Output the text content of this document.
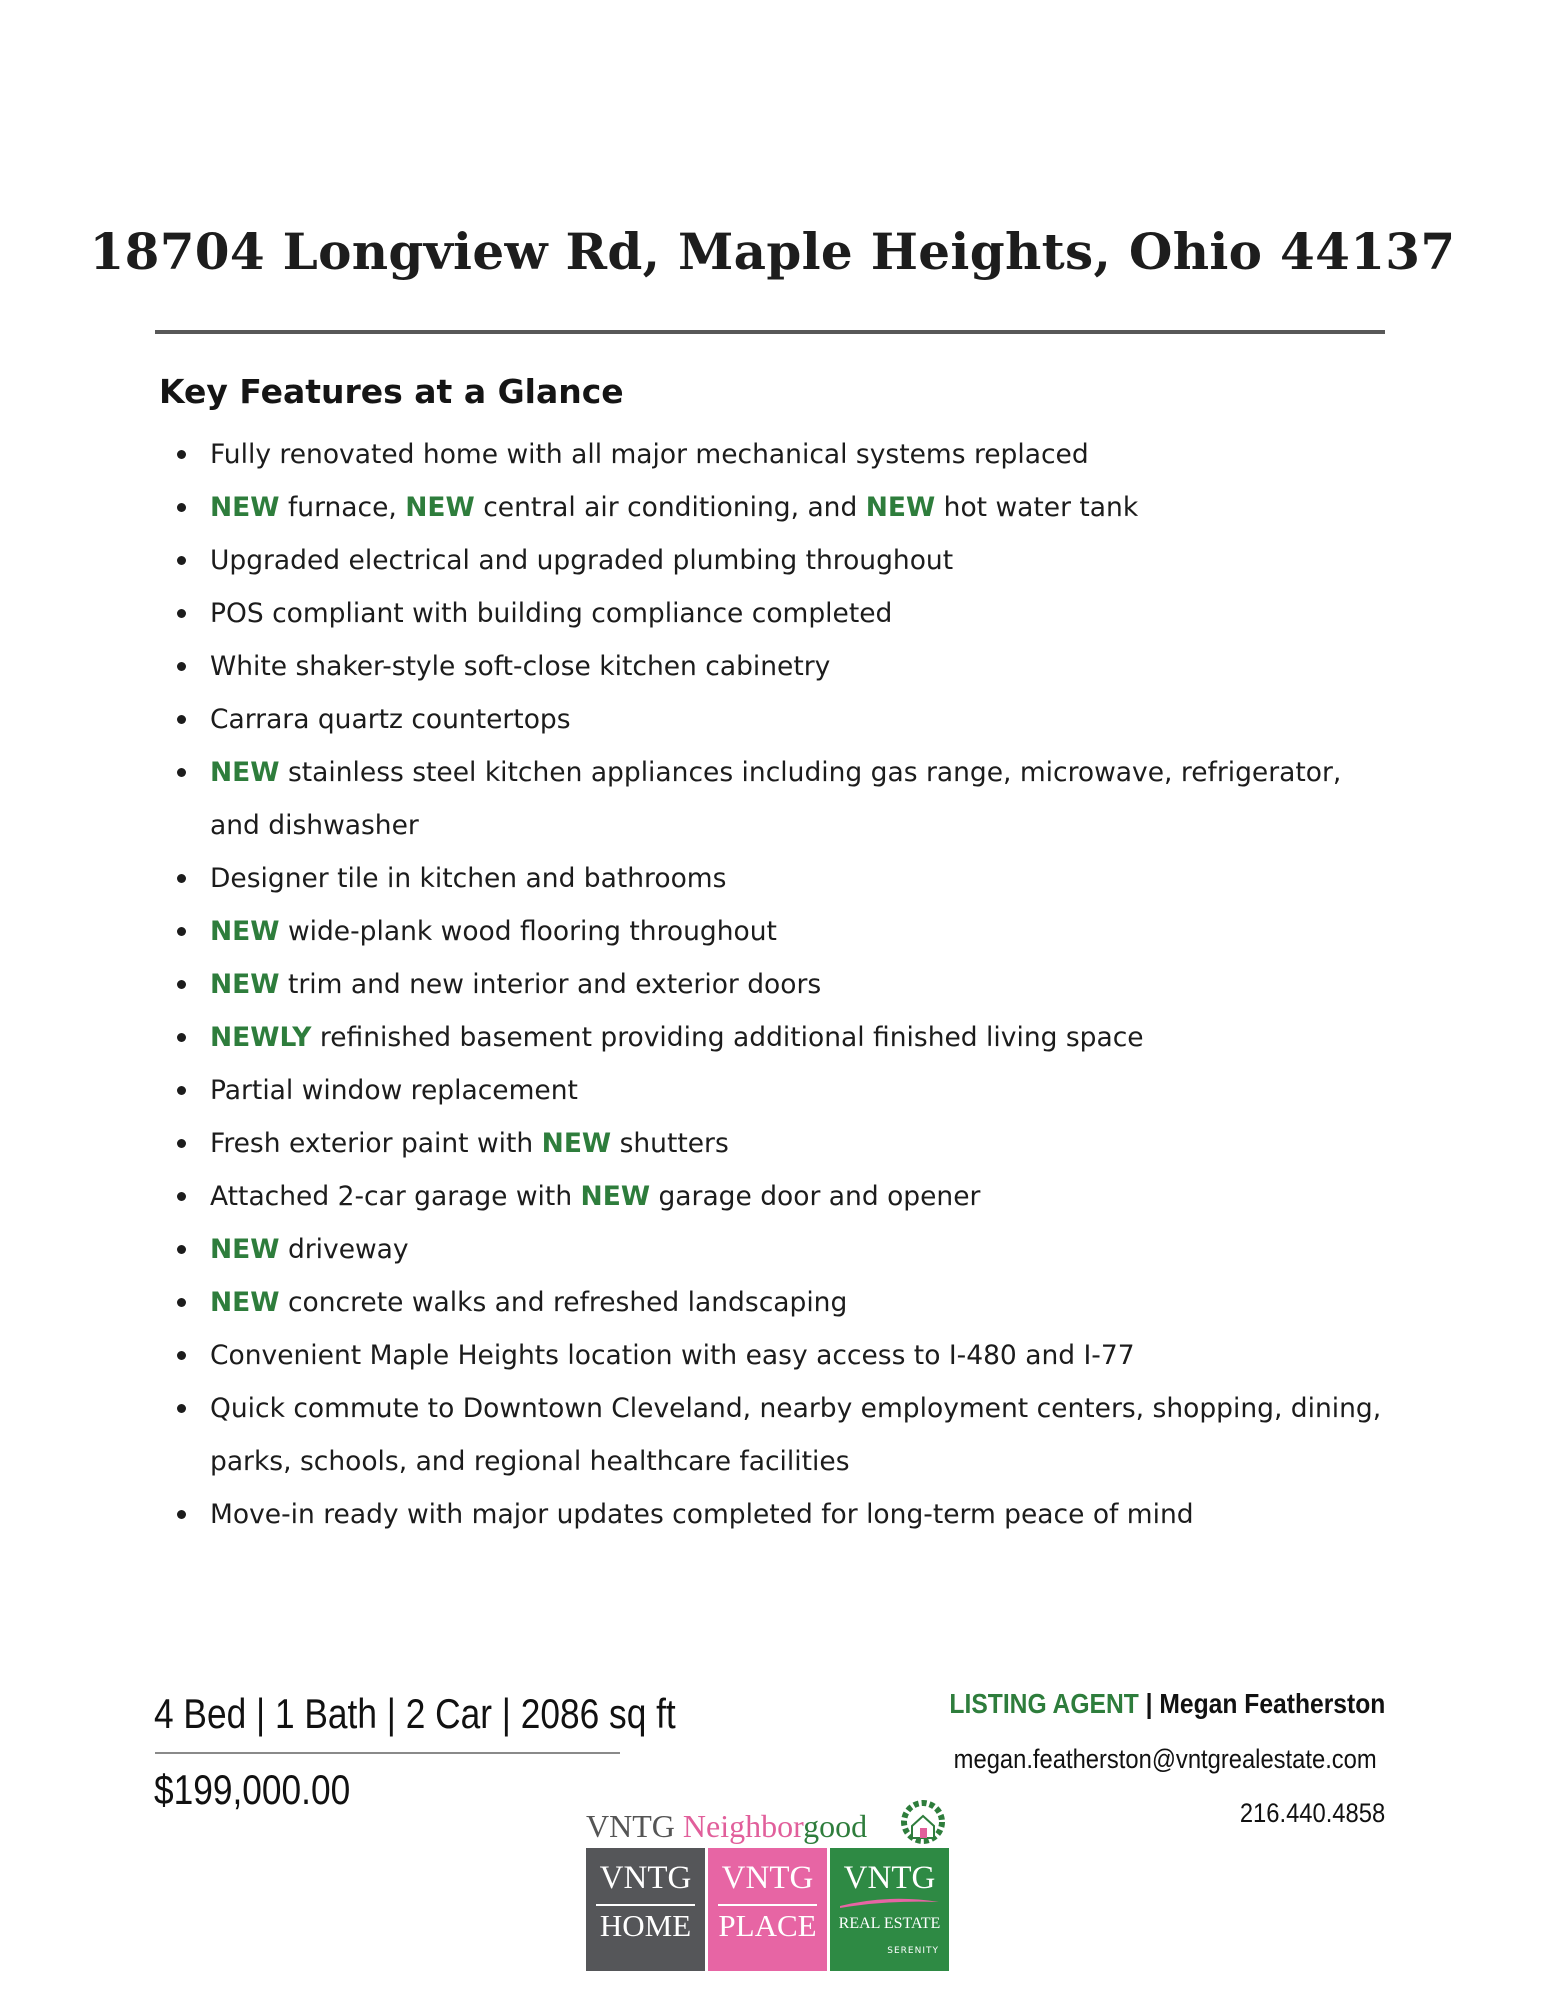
18704 Longview Rd, Maple Heights, Ohio 44137
Key Features at a Glance
Fully renovated home with all major mechanical systems replaced
NEW furnace, NEW central air conditioning, and NEW hot water tank
Upgraded electrical and upgraded plumbing throughout
POS compliant with building compliance completed
White shaker-style soft-close kitchen cabinetry
Carrara quartz countertops
NEW stainless steel kitchen appliances including gas range, microwave, refrigerator, and dishwasher
Designer tile in kitchen and bathrooms
NEW wide-plank wood flooring throughout
NEW trim and new interior and exterior doors
NEWLY refinished basement providing additional finished living space
Partial window replacement
Fresh exterior paint with NEW shutters
Attached 2-car garage with NEW garage door and opener
NEW driveway
NEW concrete walks and refreshed landscaping
Convenient Maple Heights location with easy access to I-480 and I-77
Quick commute to Downtown Cleveland, nearby employment centers, shopping, dining, parks, schools, and regional healthcare facilities
Move-in ready with major updates completed for long-term peace of mind
4 Bed | 1 Bath | 2 Car | 2086 sq ft
$199,000.00
LISTING AGENT | Megan Featherston
megan.featherston@vntgrealestate.com
216.440.4858
VNTG Neighborgood
VNTG
HOME
VNTG
PLACE
VNTG
REAL ESTATE
SERENITY
